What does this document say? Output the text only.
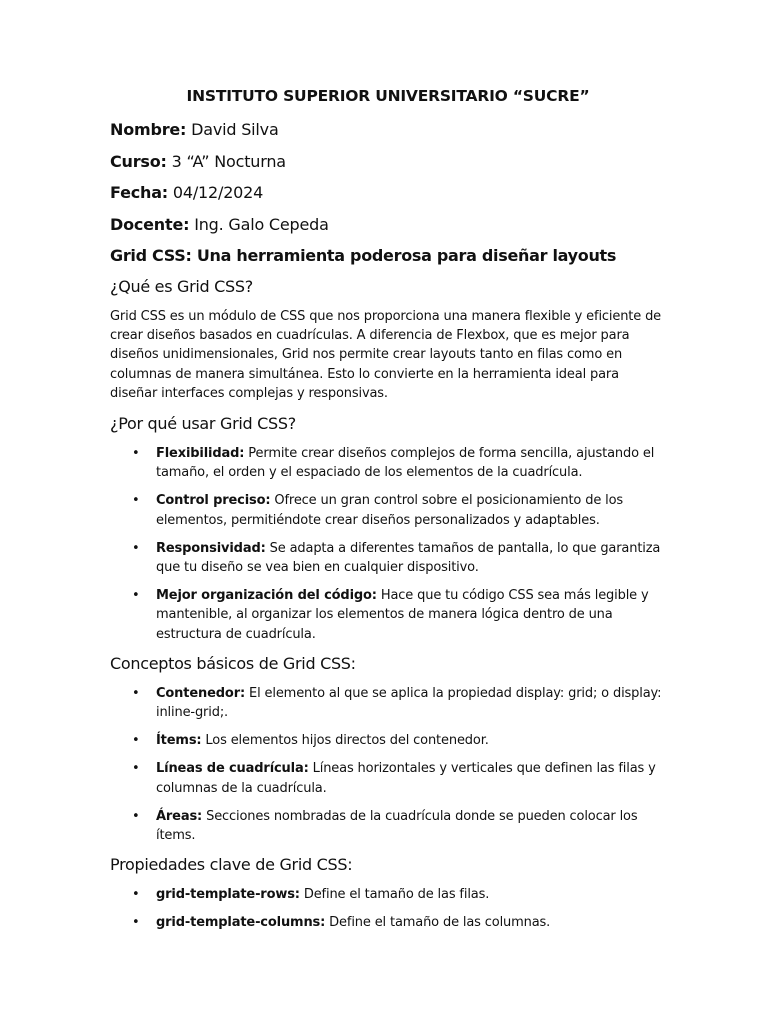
INSTITUTO SUPERIOR UNIVERSITARIO “SUCRE”
Nombre: David Silva
Curso: 3 “A” Nocturna
Fecha: 04/12/2024
Docente: Ing. Galo Cepeda
Grid CSS: Una herramienta poderosa para diseñar layouts
¿Qué es Grid CSS?
Grid CSS es un módulo de CSS que nos proporciona una manera flexible y eficiente de crear diseños basados en cuadrículas. A diferencia de Flexbox, que es mejor para diseños unidimensionales, Grid nos permite crear layouts tanto en filas como en columnas de manera simultánea. Esto lo convierte en la herramienta ideal para diseñar interfaces complejas y responsivas.
¿Por qué usar Grid CSS?
• Flexibilidad: Permite crear diseños complejos de forma sencilla, ajustando el tamaño, el orden y el espaciado de los elementos de la cuadrícula.
• Control preciso: Ofrece un gran control sobre el posicionamiento de los elementos, permitiéndote crear diseños personalizados y adaptables.
• Responsividad: Se adapta a diferentes tamaños de pantalla, lo que garantiza que tu diseño se vea bien en cualquier dispositivo.
• Mejor organización del código: Hace que tu código CSS sea más legible y mantenible, al organizar los elementos de manera lógica dentro de una estructura de cuadrícula.
Conceptos básicos de Grid CSS:
• Contenedor: El elemento al que se aplica la propiedad display: grid; o display: inline-grid;.
• Ítems: Los elementos hijos directos del contenedor.
• Líneas de cuadrícula: Líneas horizontales y verticales que definen las filas y columnas de la cuadrícula.
• Áreas: Secciones nombradas de la cuadrícula donde se pueden colocar los ítems.
Propiedades clave de Grid CSS:
• grid-template-rows: Define el tamaño de las filas.
• grid-template-columns: Define el tamaño de las columnas.
